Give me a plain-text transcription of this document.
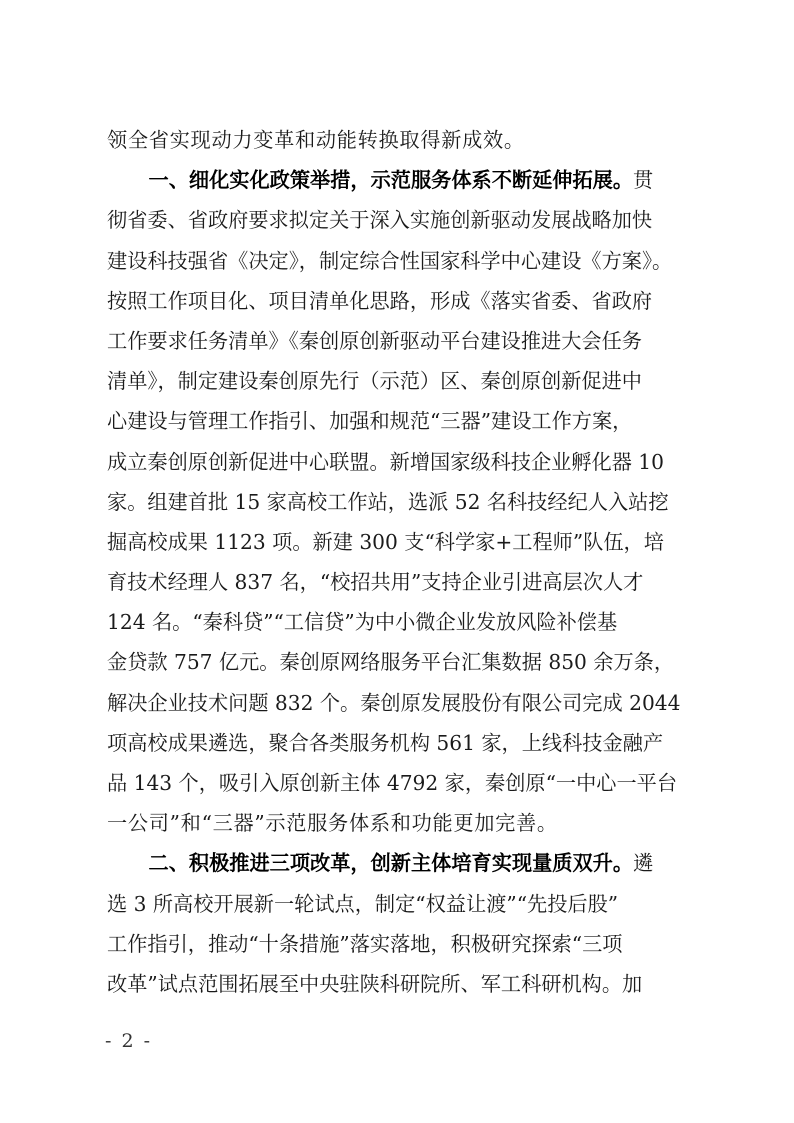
领全省实现动力变革和动能转换取得新成效。
一、细化实化政策举措，示范服务体系不断延伸拓展。贯
彻省委、省政府要求拟定关于深入实施创新驱动发展战略加快
建设科技强省《决定》，制定综合性国家科学中心建设《方案》。
按照工作项目化、项目清单化思路，形成《落实省委、省政府
工作要求任务清单》《秦创原创新驱动平台建设推进大会任务
清单》，制定建设秦创原先行（示范）区、秦创原创新促进中
心建设与管理工作指引、加强和规范“三器”建设工作方案，
成立秦创原创新促进中心联盟。新增国家级科技企业孵化器 10
家。组建首批 15 家高校工作站，选派 52 名科技经纪人入站挖
掘高校成果 1123 项。新建 300 支“科学家+工程师”队伍，培
育技术经理人 837 名，“校招共用”支持企业引进高层次人才
124 名。“秦科贷”“工信贷”为中小微企业发放风险补偿基
金贷款 757 亿元。秦创原网络服务平台汇集数据 850 余万条，
解决企业技术问题 832 个。秦创原发展股份有限公司完成 2044
项高校成果遴选，聚合各类服务机构 561 家，上线科技金融产
品 143 个，吸引入原创新主体 4792 家，秦创原“一中心一平台
一公司”和“三器”示范服务体系和功能更加完善。
二、积极推进三项改革，创新主体培育实现量质双升。遴
选 3 所高校开展新一轮试点，制定“权益让渡”“先投后股”
工作指引，推动“十条措施”落实落地，积极研究探索“三项
改革”试点范围拓展至中央驻陕科研院所、军工科研机构。加
- 2 -
